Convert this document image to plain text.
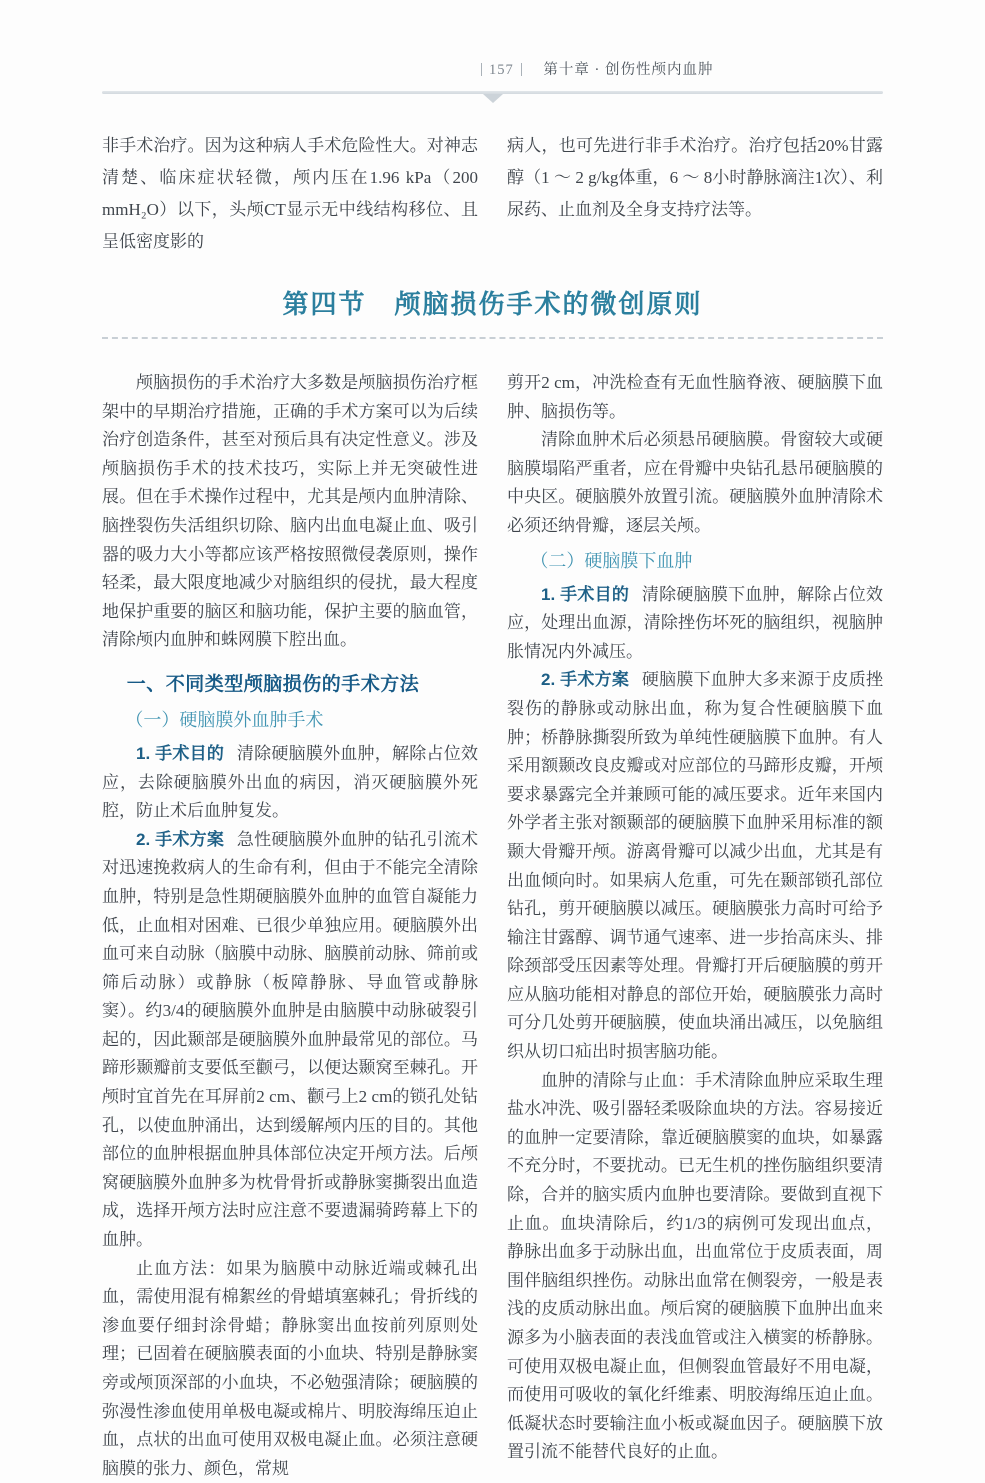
157 第十章 · 创伤性颅内血肿

非手术治疗。因为这种病人手术危险性大。对神志清楚、临床症状轻微，颅内压在1.96 kPa（200 mmH₂O）以下，头颅CT显示无中线结构移位、且呈低密度影的

病人，也可先进行非手术治疗。治疗包括20%甘露醇（1 ～ 2 g/kg体重，6 ～ 8小时静脉滴注1次）、利尿药、止血剂及全身支持疗法等。

第四节　颅脑损伤手术的微创原则

颅脑损伤的手术治疗大多数是颅脑损伤治疗框架中的早期治疗措施，正确的手术方案可以为后续治疗创造条件，甚至对预后具有决定性意义。涉及颅脑损伤手术的技术技巧，实际上并无突破性进展。但在手术操作过程中，尤其是颅内血肿清除、脑挫裂伤失活组织切除、脑内出血电凝止血、吸引器的吸力大小等都应该严格按照微侵袭原则，操作轻柔，最大限度地减少对脑组织的侵扰，最大程度地保护重要的脑区和脑功能，保护主要的脑血管，清除颅内血肿和蛛网膜下腔出血。

一、不同类型颅脑损伤的手术方法
（一）硬脑膜外血肿手术

1. 手术目的 清除硬脑膜外血肿，解除占位效应，去除硬脑膜外出血的病因，消灭硬脑膜外死腔，防止术后血肿复发。

2. 手术方案 急性硬脑膜外血肿的钻孔引流术对迅速挽救病人的生命有利，但由于不能完全清除血肿，特别是急性期硬脑膜外血肿的血管自凝能力低，止血相对困难、已很少单独应用。硬脑膜外出血可来自动脉（脑膜中动脉、脑膜前动脉、筛前或筛后动脉）或静脉（板障静脉、导血管或静脉窦）。约3/4的硬脑膜外血肿是由脑膜中动脉破裂引起的，因此颞部是硬脑膜外血肿最常见的部位。马蹄形颞瓣前支要低至颧弓，以便达颞窝至棘孔。开颅时宜首先在耳屏前2 cm、颧弓上2 cm的锁孔处钻孔，以使血肿涌出，达到缓解颅内压的目的。其他部位的血肿根据血肿具体部位决定开颅方法。后颅窝硬脑膜外血肿多为枕骨骨折或静脉窦撕裂出血造成，选择开颅方法时应注意不要遗漏骑跨幕上下的血肿。

止血方法：如果为脑膜中动脉近端或棘孔出血，需使用混有棉絮丝的骨蜡填塞棘孔；骨折线的渗血要仔细封涂骨蜡；静脉窦出血按前列原则处理；已固着在硬脑膜表面的小血块、特别是静脉窦旁或颅顶深部的小血块，不必勉强清除；硬脑膜的弥漫性渗血使用单极电凝或棉片、明胶海绵压迫止血，点状的出血可使用双极电凝止血。必须注意硬脑膜的张力、颜色，常规

剪开2 cm，冲洗检查有无血性脑脊液、硬脑膜下血肿、脑损伤等。

清除血肿术后必须悬吊硬脑膜。骨窗较大或硬脑膜塌陷严重者，应在骨瓣中央钻孔悬吊硬脑膜的中央区。硬脑膜外放置引流。硬脑膜外血肿清除术必须还纳骨瓣，逐层关颅。

（二）硬脑膜下血肿

1. 手术目的 清除硬脑膜下血肿，解除占位效应，处理出血源，清除挫伤坏死的脑组织，视脑肿胀情况内外减压。

2. 手术方案 硬脑膜下血肿大多来源于皮质挫裂伤的静脉或动脉出血，称为复合性硬脑膜下血肿；桥静脉撕裂所致为单纯性硬脑膜下血肿。有人采用额颞改良皮瓣或对应部位的马蹄形皮瓣，开颅要求暴露完全并兼顾可能的减压要求。近年来国内外学者主张对额颞部的硬脑膜下血肿采用标准的额颞大骨瓣开颅。游离骨瓣可以减少出血，尤其是有出血倾向时。如果病人危重，可先在颞部锁孔部位钻孔，剪开硬脑膜以减压。硬脑膜张力高时可给予输注甘露醇、调节通气速率、进一步抬高床头、排除颈部受压因素等处理。骨瓣打开后硬脑膜的剪开应从脑功能相对静息的部位开始，硬脑膜张力高时可分几处剪开硬脑膜，使血块涌出减压，以免脑组织从切口疝出时损害脑功能。

血肿的清除与止血：手术清除血肿应采取生理盐水冲洗、吸引器轻柔吸除血块的方法。容易接近的血肿一定要清除，靠近硬脑膜窦的血块，如暴露不充分时，不要扰动。已无生机的挫伤脑组织要清除，合并的脑实质内血肿也要清除。要做到直视下止血。血块清除后，约1/3的病例可发现出血点，静脉出血多于动脉出血，出血常位于皮质表面，周围伴脑组织挫伤。动脉出血常在侧裂旁，一般是表浅的皮质动脉出血。颅后窝的硬脑膜下血肿出血来源多为小脑表面的表浅血管或注入横窦的桥静脉。可使用双极电凝止血，但侧裂血管最好不用电凝，而使用可吸收的氧化纤维素、明胶海绵压迫止血。低凝状态时要输注血小板或凝血因子。硬脑膜下放置引流不能替代良好的止血。
